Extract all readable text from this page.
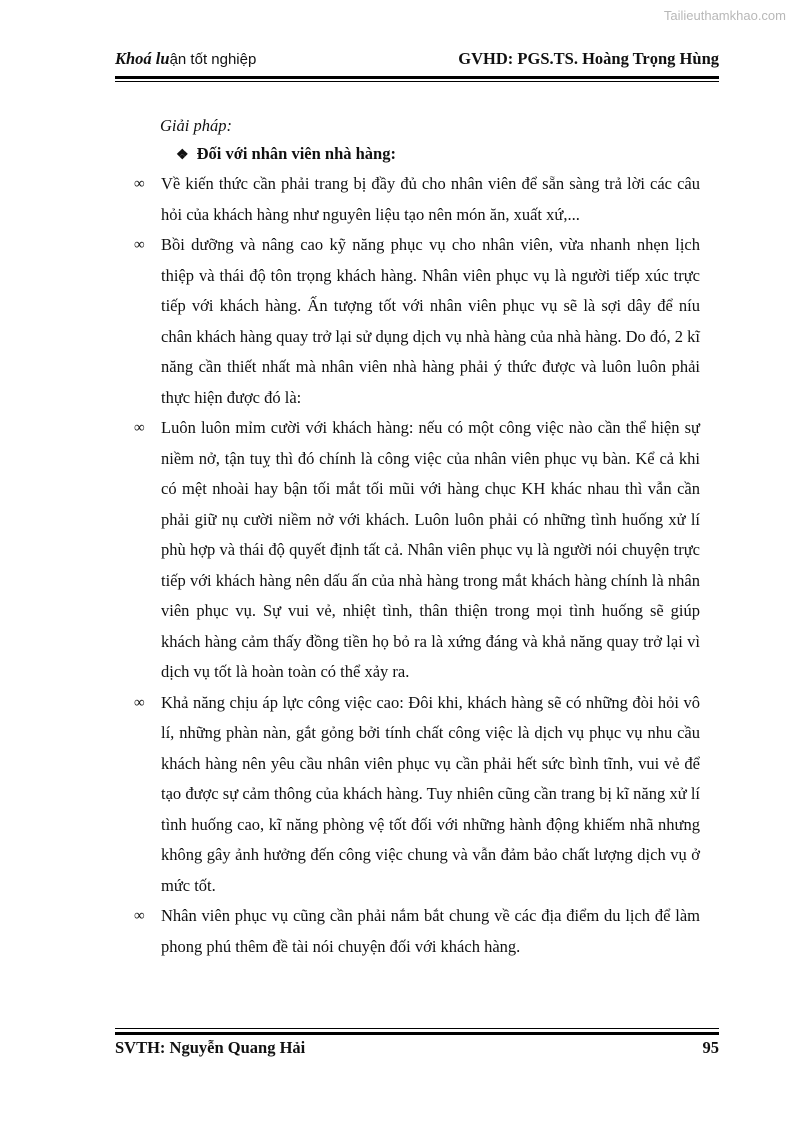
Tailieuthamkhao.com
Khoá luận tốt nghiệp	GVHD: PGS.TS. Hoàng Trọng Hùng
Giải pháp:
❖ Đối với nhân viên nhà hàng:
∞ Về kiến thức cần phải trang bị đầy đủ cho nhân viên để sẵn sàng trả lời các câu hỏi của khách hàng như nguyên liệu tạo nên món ăn, xuất xứ,...
∞ Bồi dưỡng và nâng cao kỹ năng phục vụ cho nhân viên, vừa nhanh nhẹn lịch thiệp và thái độ tôn trọng khách hàng. Nhân viên phục vụ là người tiếp xúc trực tiếp với khách hàng. Ấn tượng tốt với nhân viên phục vụ sẽ là sợi dây để níu chân khách hàng quay trở lại sử dụng dịch vụ nhà hàng của nhà hàng. Do đó, 2 kĩ năng cần thiết nhất mà nhân viên nhà hàng phải ý thức được và luôn luôn phải thực hiện được đó là:
∞ Luôn luôn mỉm cười với khách hàng: nếu có một công việc nào cần thể hiện sự niềm nở, tận tuỵ thì đó chính là công việc của nhân viên phục vụ bàn. Kể cả khi có mệt nhoài hay bận tối mắt tối mũi với hàng chục KH khác nhau thì vẫn cần phải giữ nụ cười niềm nở với khách. Luôn luôn phải có những tình huống xử lí phù hợp và thái độ quyết định tất cả. Nhân viên phục vụ là người nói chuyện trực tiếp với khách hàng nên dấu ấn của nhà hàng trong mắt khách hàng chính là nhân viên phục vụ. Sự vui vẻ, nhiệt tình, thân thiện trong mọi tình huống sẽ giúp khách hàng cảm thấy đồng tiền họ bỏ ra là xứng đáng và khả năng quay trở lại vì dịch vụ tốt là hoàn toàn có thể xảy ra.
∞ Khả năng chịu áp lực công việc cao: Đôi khi, khách hàng sẽ có những đòi hỏi vô lí, những phàn nàn, gắt gỏng bởi tính chất công việc là dịch vụ phục vụ nhu cầu khách hàng nên yêu cầu nhân viên phục vụ cần phải hết sức bình tĩnh, vui vẻ để tạo được sự cảm thông của khách hàng. Tuy nhiên cũng cần trang bị kĩ năng xử lí tình huống cao, kĩ năng phòng vệ tốt đối với những hành động khiếm nhã nhưng không gây ảnh hưởng đến công việc chung và vẫn đảm bảo chất lượng dịch vụ ở mức tốt.
∞ Nhân viên phục vụ cũng cần phải nắm bắt chung về các địa điểm du lịch để làm phong phú thêm đề tài nói chuyện đối với khách hàng.
SVTH: Nguyễn Quang Hải	95
